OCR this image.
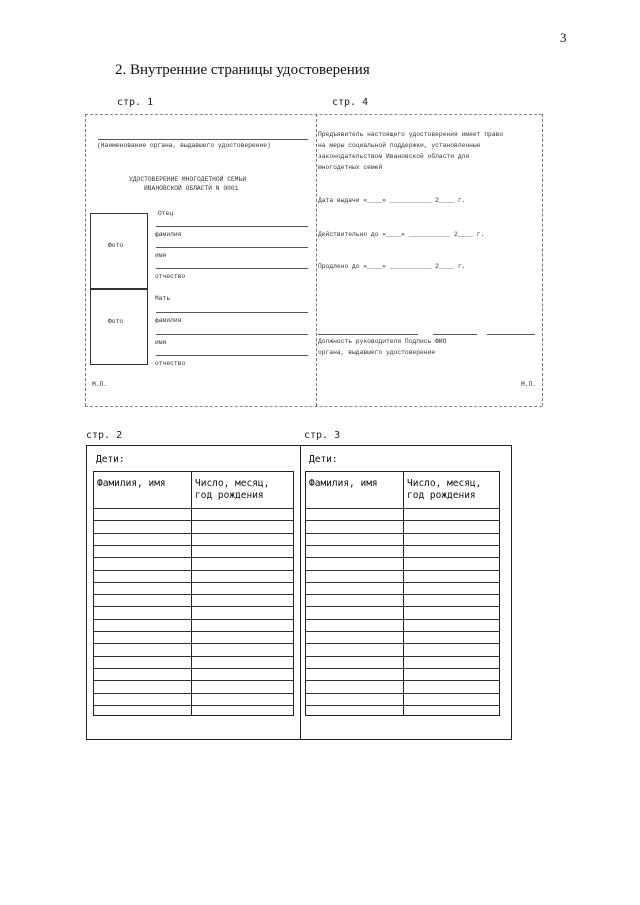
3
2. Внутренние страницы удостоверения
стр. 1	стр. 4
(Наименование органа, выдавшего удостоверение)
УДОСТОВЕРЕНИЕ МНОГОДЕТНОЙ СЕМЬИ
ИВАНОВСКОЙ ОБЛАСТИ N 0001
Фото
Фото
Отец
фамилия
имя
отчество
Мать
фамилия
имя
отчество
М.П.
Предъявитель настоящего удостоверения имеет право
на меры социальной поддержки, установленные
законодательством Ивановской области для
многодетных семей
Дата выдачи «____» ___________ 2____ г.
Действительно до «____» ___________ 2____ г.
Продлено до «____» ___________ 2____ г.
Должность руководителя Подпись ФИО
органа, выдавшего удостоверение
М.П.
стр. 2	стр. 3
Дети:
Фамилия, имя	Число, месяц,
год рождения
Дети:
Фамилия, имя	Число, месяц,
год рождения
